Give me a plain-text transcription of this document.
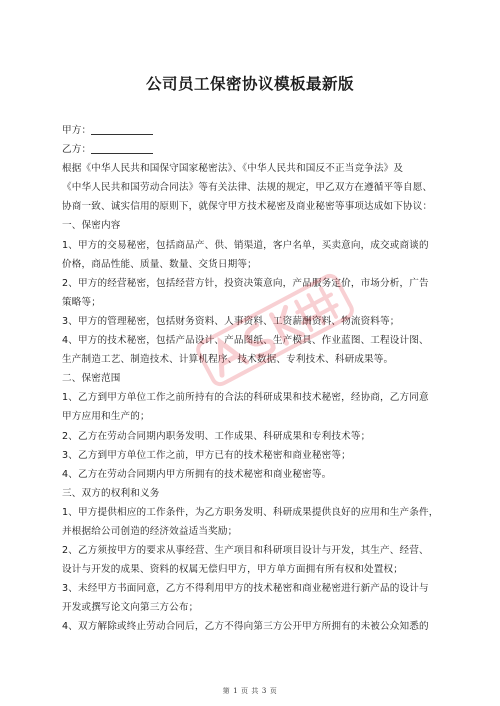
公司员工保密协议模板最新版
甲方：
乙方：
根据《中华人民共和国保守国家秘密法》、《中华人民共和国反不正当竞争法》及
《中华人民共和国劳动合同法》等有关法律、法规的规定，甲乙双方在遵循平等自愿、
协商一致、诚实信用的原则下，就保守甲方技术秘密及商业秘密等事项达成如下协议：
一、保密内容
1、甲方的交易秘密，包括商品产、供、销渠道，客户名单，买卖意向，成交或商谈的
价格，商品性能、质量、数量、交货日期等；
2、甲方的经营秘密，包括经营方针，投资决策意向，产品服务定价，市场分析，广告
策略等；
3、甲方的管理秘密，包括财务资料、人事资料、工资薪酬资料、物流资料等；
4、甲方的技术秘密，包括产品设计、产品图纸、生产模具、作业蓝图、工程设计图、
生产制造工艺、制造技术、计算机程序、技术数据、专利技术、科研成果等。
二、保密范围
1、乙方到甲方单位工作之前所持有的合法的科研成果和技术秘密，经协商，乙方同意
甲方应用和生产的；
2、乙方在劳动合同期内职务发明、工作成果、科研成果和专利技术等；
3、乙方到甲方单位工作之前，甲方已有的技术秘密和商业秘密等；
4、乙方在劳动合同期内甲方所拥有的技术秘密和商业秘密等。
三、双方的权利和义务
1、甲方提供相应的工作条件，为乙方职务发明、科研成果提供良好的应用和生产条件，
并根据给公司创造的经济效益适当奖励；
2、乙方须按甲方的要求从事经营、生产项目和科研项目设计与开发，其生产、经营、
设计与开发的成果、资料的权属无偿归甲方，甲方单方面拥有所有权和处置权；
3、未经甲方书面同意，乙方不得利用甲方的技术秘密和商业秘密进行新产品的设计与
开发或撰写论文向第三方公布；
4、双方解除或终止劳动合同后，乙方不得向第三方公开甲方所拥有的未被公众知悉的
第 1 页 共 3 页
